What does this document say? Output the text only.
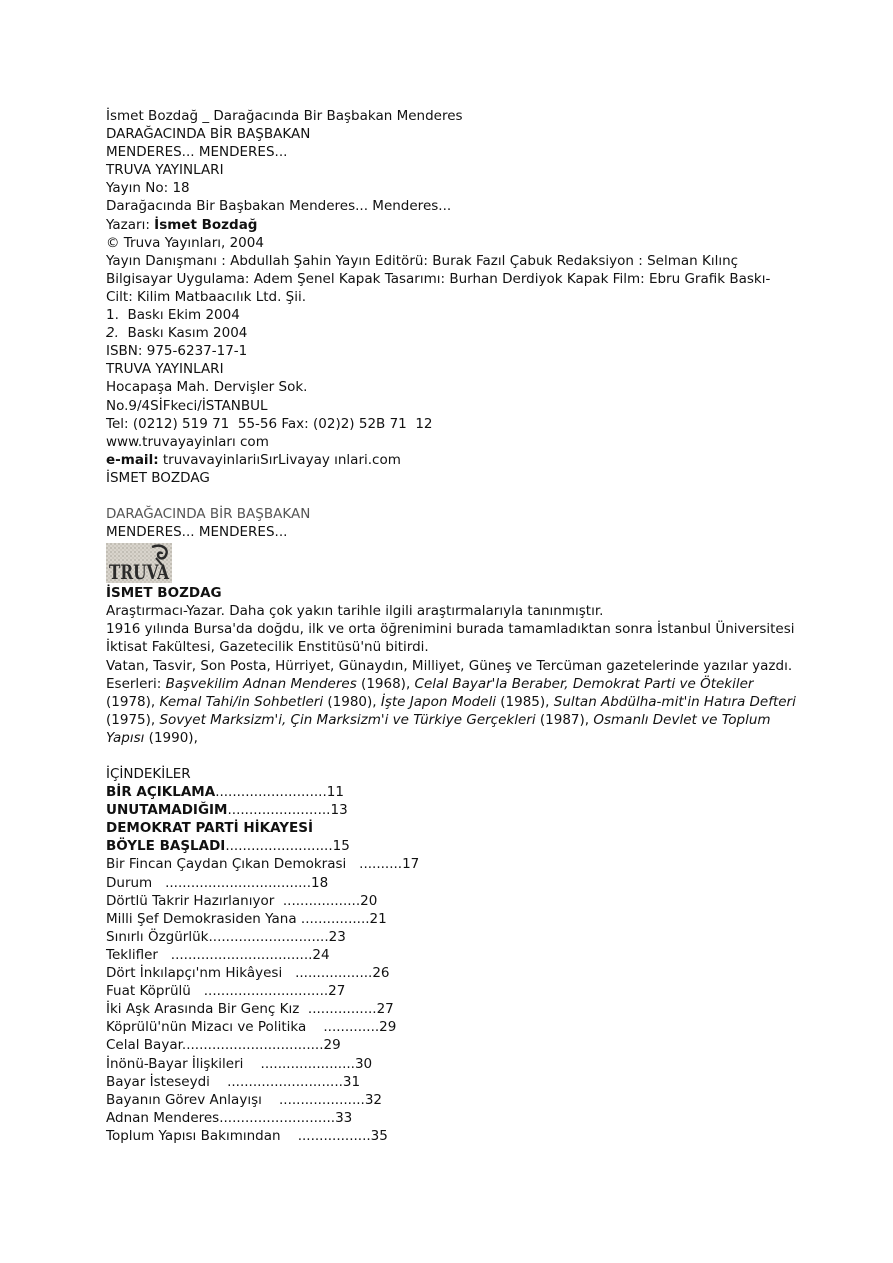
İsmet Bozdağ _ Darağacında Bir Başbakan Menderes
DARAĞACINDA BİR BAŞBAKAN
MENDERES... MENDERES...
TRUVA YAYINLARI
Yayın No: 18
Darağacında Bir Başbakan Menderes... Menderes...
Yazarı: İsmet Bozdağ
© Truva Yayınları, 2004
Yayın Danışmanı : Abdullah Şahin Yayın Editörü: Burak Fazıl Çabuk Redaksiyon : Selman Kılınç Bilgisayar Uygulama: Adem Şenel Kapak Tasarımı: Burhan Derdiyok Kapak Film: Ebru Grafik Baskı-Cilt: Kilim Matbaacılık Ltd. Şii.
1. Baskı Ekim 2004
2. Baskı Kasım 2004
ISBN: 975-6237-17-1
TRUVA YAYINLARI
Hocapaşa Mah. Dervişler Sok.
No.9/4SİFkeci/İSTANBUL
Tel: (0212) 519 71  55-56 Fax: (02)2) 52B 71  12
www.truvayayinları com
e-mail: truvavayinlariıSırLivayay ınlari.com
İSMET BOZDAG
DARAĞACINDA BİR BAŞBAKAN
MENDERES... MENDERES...
TRUVA
İSMET BOZDAG
Araştırmacı-Yazar. Daha çok yakın tarihle ilgili araştırmalarıyla tanınmıştır.
1916 yılında Bursa'da doğdu, ilk ve orta öğrenimini burada tamamladıktan sonra İstanbul Üniversitesi İktisat Fakültesi, Gazetecilik Enstitüsü'nü bitirdi.
Vatan, Tasvir, Son Posta, Hürriyet, Günaydın, Milliyet, Güneş ve Tercüman gazetelerinde yazılar yazdı.
Eserleri: Başvekilim Adnan Menderes (1968), Celal Bayar'la Beraber, Demokrat Parti ve Ötekiler (1978), Kemal Tahi/in Sohbetleri (1980), İşte Japon Modeli (1985), Sultan Abdülha-mit'in Hatıra Defteri (1975), Sovyet Marksizm'i, Çin Marksizm'i ve Türkiye Gerçekleri (1987), Osmanlı Devlet ve Toplum Yapısı (1990),
İÇİNDEKİLER
BİR AÇIKLAMA..........................11
UNUTAMADIĞIM........................13
DEMOKRAT PARTİ HİKAYESİ
BÖYLE BAŞLADI.........................15
Bir Fincan Çaydan Çıkan Demokrasi   ..........17
Durum   ..................................18
Dörtlü Takrir Hazırlanıyor  ..................20
Milli Şef Demokrasiden Yana ................21
Sınırlı Özgürlük............................23
Teklifler   .................................24
Dört İnkılapçı'nm Hikâyesi   ..................26
Fuat Köprülü   .............................27
İki Aşk Arasında Bir Genç Kız  ................27
Köprülü'nün Mizacı ve Politika    .............29
Celal Bayar.................................29
İnönü-Bayar İlişkileri    ......................30
Bayar İsteseydi    ...........................31
Bayanın Görev Anlayışı    ....................32
Adnan Menderes...........................33
Toplum Yapısı Bakımından    .................35
